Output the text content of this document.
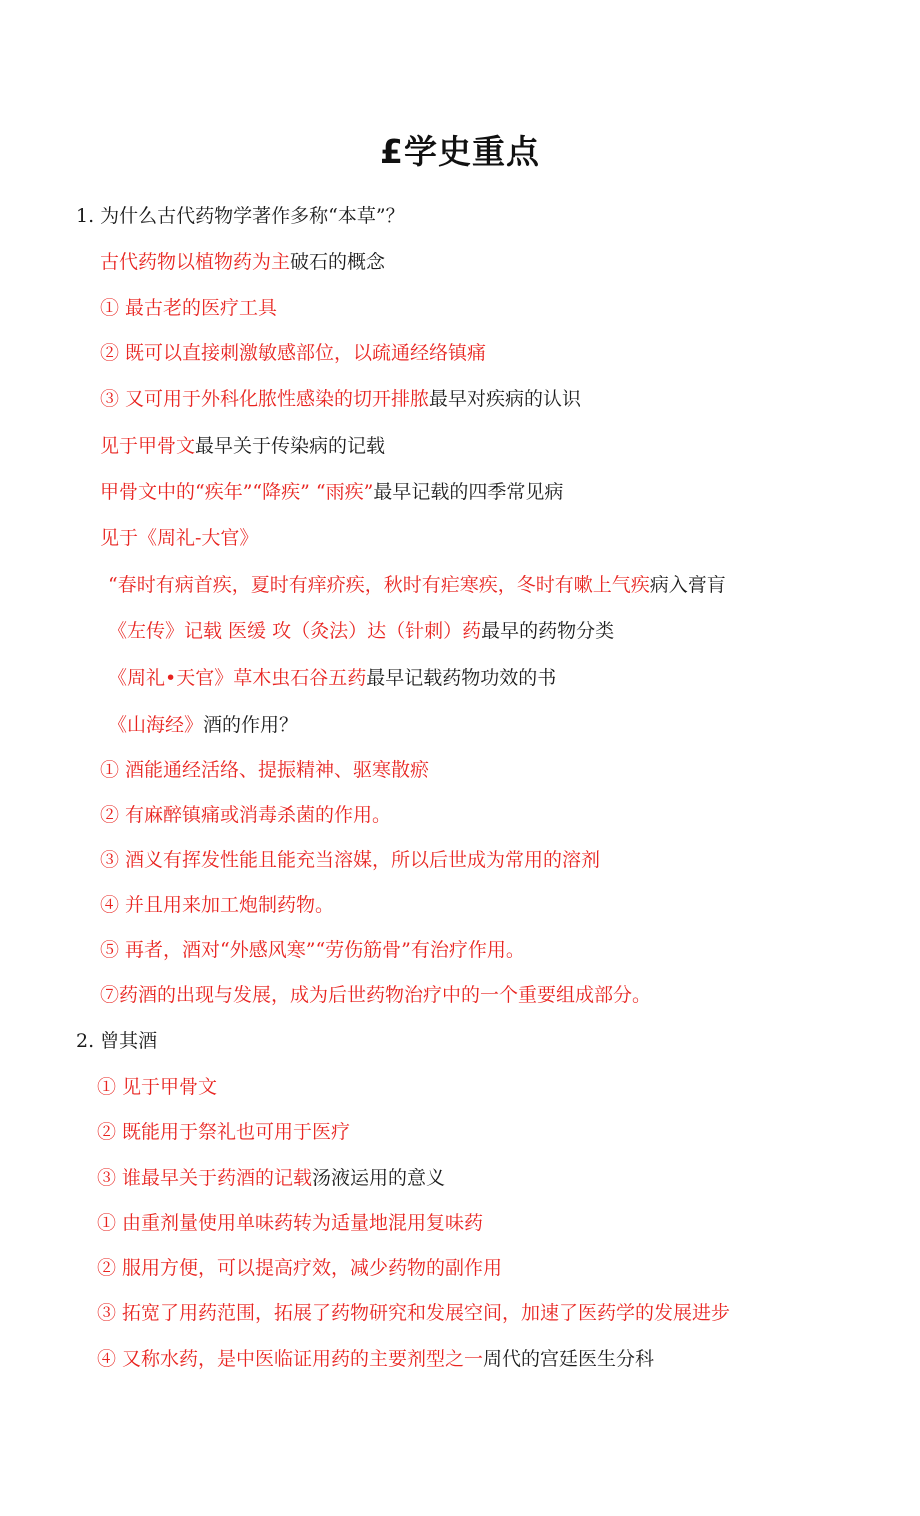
£学史重点
1. 为什么古代药物学著作多称“本草”？
古代药物以植物药为主破石的概念
① 最古老的医疗工具
② 既可以直接刺激敏感部位，以疏通经络镇痛
③ 又可用于外科化脓性感染的切开排脓最早对疾病的认识
见于甲骨文最早关于传染病的记载
甲骨文中的“疾年”“降疾” “雨疾”最早记载的四季常见病
见于《周礼-大官》
“春时有病首疾，夏时有痒疥疾，秋时有疟寒疾，冬时有嗽上气疾病入膏肓
《左传》记载 医缓 攻（灸法）达（针刺）药最早的药物分类
《周礼•天官》草木虫石谷五药最早记载药物功效的书
《山海经》酒的作用？
① 酒能通经活络、提振精神、驱寒散瘀
② 有麻醉镇痛或消毒杀菌的作用。
③ 酒义有挥发性能且能充当溶媒，所以后世成为常用的溶剂
④ 并且用来加工炮制药物。
⑤ 再者，酒对“外感风寒”“劳伤筋骨”有治疗作用。
⑦药酒的出现与发展，成为后世药物治疗中的一个重要组成部分。
2. 曾其酒
① 见于甲骨文
② 既能用于祭礼也可用于医疗
③ 谁最早关于药酒的记载汤液运用的意义
① 由重剂量使用单味药转为适量地混用复味药
② 服用方便，可以提高疗效，减少药物的副作用
③ 拓宽了用药范围，拓展了药物研究和发展空间，加速了医药学的发展进步
④ 又称水药，是中医临证用药的主要剂型之一周代的宫廷医生分科
